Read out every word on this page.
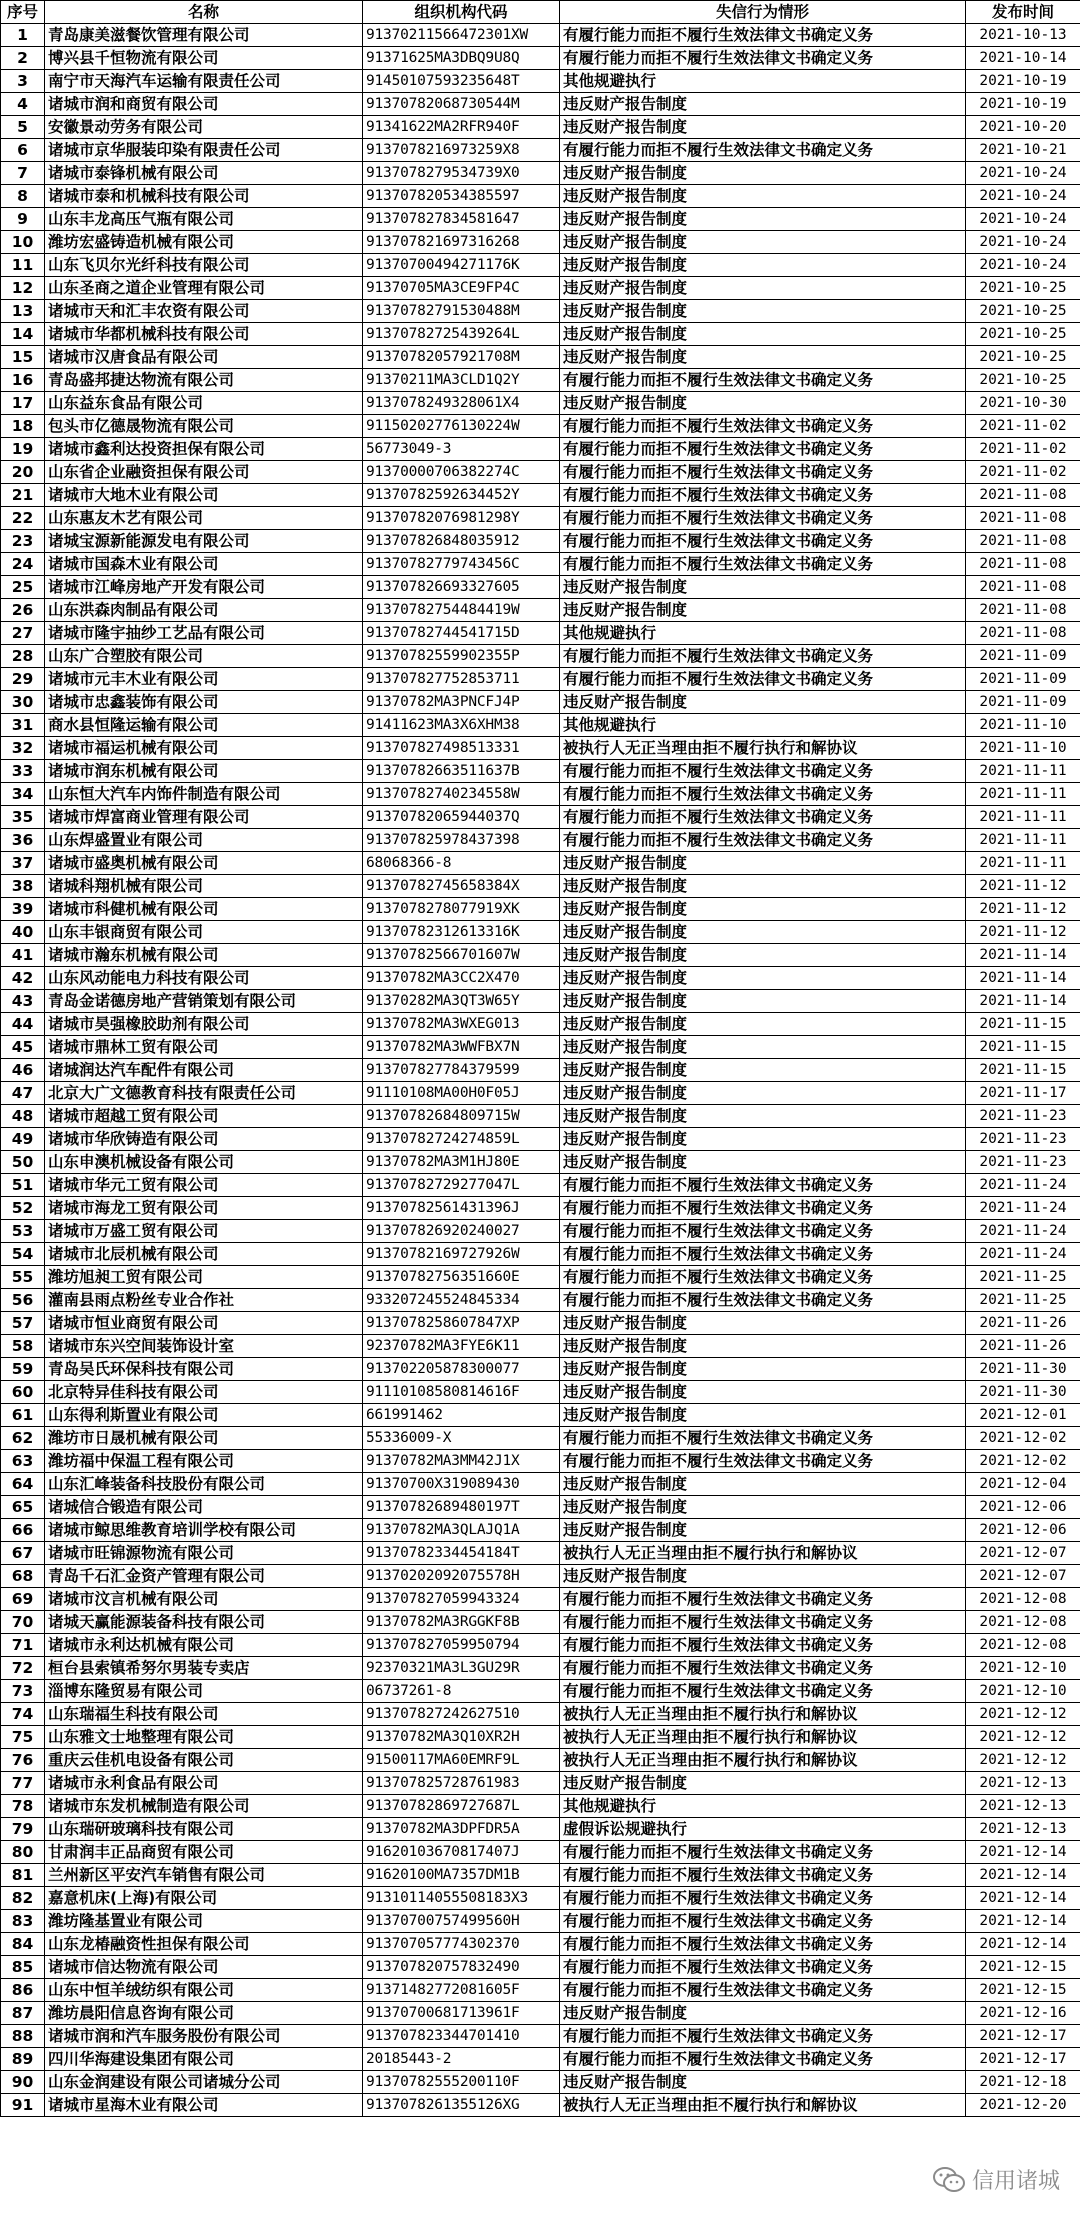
序号	名称	组织机构代码	失信行为情形	发布时间
1	青岛康美滋餐饮管理有限公司	91370211566472301XW	有履行能力而拒不履行生效法律文书确定义务	2021-10-13
2	博兴县千恒物流有限公司	91371625MA3DBQ9U8Q	有履行能力而拒不履行生效法律文书确定义务	2021-10-14
3	南宁市天海汽车运输有限责任公司	91450107593235648T	其他规避执行	2021-10-19
4	诸城市润和商贸有限公司	91370782068730544M	违反财产报告制度	2021-10-19
5	安徽景动劳务有限公司	91341622MA2RFR940F	违反财产报告制度	2021-10-20
6	诸城市京华服装印染有限责任公司	9137078216973259X8	有履行能力而拒不履行生效法律文书确定义务	2021-10-21
7	诸城市泰锋机械有限公司	9137078279534739X0	违反财产报告制度	2021-10-24
8	诸城市泰和机械科技有限公司	913707820534385597	违反财产报告制度	2021-10-24
9	山东丰龙高压气瓶有限公司	913707827834581647	违反财产报告制度	2021-10-24
10	潍坊宏盛铸造机械有限公司	913707821697316268	违反财产报告制度	2021-10-24
11	山东飞贝尔光纤科技有限公司	91370700494271176K	违反财产报告制度	2021-10-24
12	山东圣商之道企业管理有限公司	91370705MA3CE9FP4C	违反财产报告制度	2021-10-25
13	诸城市天和汇丰农资有限公司	91370782791530488M	违反财产报告制度	2021-10-25
14	诸城市华都机械科技有限公司	91370782725439264L	违反财产报告制度	2021-10-25
15	诸城市汉唐食品有限公司	91370782057921708M	违反财产报告制度	2021-10-25
16	青岛盛邦捷达物流有限公司	91370211MA3CLD1Q2Y	有履行能力而拒不履行生效法律文书确定义务	2021-10-25
17	山东益东食品有限公司	9137078249328061X4	违反财产报告制度	2021-10-30
18	包头市亿德晟物流有限公司	91150202776130224W	有履行能力而拒不履行生效法律文书确定义务	2021-11-02
19	诸城市鑫利达投资担保有限公司	56773049-3	有履行能力而拒不履行生效法律文书确定义务	2021-11-02
20	山东省企业融资担保有限公司	91370000706382274C	有履行能力而拒不履行生效法律文书确定义务	2021-11-02
21	诸城市大地木业有限公司	91370782592634452Y	有履行能力而拒不履行生效法律文书确定义务	2021-11-08
22	山东惠友木艺有限公司	91370782076981298Y	有履行能力而拒不履行生效法律文书确定义务	2021-11-08
23	诸城宝源新能源发电有限公司	913707826848035912	有履行能力而拒不履行生效法律文书确定义务	2021-11-08
24	诸城市国森木业有限公司	91370782779743456C	有履行能力而拒不履行生效法律文书确定义务	2021-11-08
25	诸城市江峰房地产开发有限公司	913707826693327605	违反财产报告制度	2021-11-08
26	山东洪森肉制品有限公司	91370782754484419W	违反财产报告制度	2021-11-08
27	诸城市隆宇抽纱工艺品有限公司	91370782744541715D	其他规避执行	2021-11-08
28	山东广合塑胶有限公司	91370782559902355P	有履行能力而拒不履行生效法律文书确定义务	2021-11-09
29	诸城市元丰木业有限公司	913707827752853711	有履行能力而拒不履行生效法律文书确定义务	2021-11-09
30	诸城市忠鑫装饰有限公司	91370782MA3PNCFJ4P	违反财产报告制度	2021-11-09
31	商水县恒隆运输有限公司	91411623MA3X6XHM38	其他规避执行	2021-11-10
32	诸城市福运机械有限公司	913707827498513331	被执行人无正当理由拒不履行执行和解协议	2021-11-10
33	诸城市润东机械有限公司	91370782663511637B	有履行能力而拒不履行生效法律文书确定义务	2021-11-11
34	山东恒大汽车内饰件制造有限公司	91370782740234558W	有履行能力而拒不履行生效法律文书确定义务	2021-11-11
35	诸城市焊富商业管理有限公司	91370782065944037Q	有履行能力而拒不履行生效法律文书确定义务	2021-11-11
36	山东焊盛置业有限公司	913707825978437398	有履行能力而拒不履行生效法律文书确定义务	2021-11-11
37	诸城市盛奥机械有限公司	68068366-8	违反财产报告制度	2021-11-11
38	诸城科翔机械有限公司	91370782745658384X	违反财产报告制度	2021-11-12
39	诸城市科健机械有限公司	9137078278077919XK	违反财产报告制度	2021-11-12
40	山东丰银商贸有限公司	91370782312613316K	违反财产报告制度	2021-11-12
41	诸城市瀚东机械有限公司	91370782566701607W	违反财产报告制度	2021-11-14
42	山东风动能电力科技有限公司	91370782MA3CC2X470	违反财产报告制度	2021-11-14
43	青岛金诺德房地产营销策划有限公司	91370282MA3QT3W65Y	违反财产报告制度	2021-11-14
44	诸城市昊强橡胶助剂有限公司	91370782MA3WXEG013	违反财产报告制度	2021-11-15
45	诸城市鼎林工贸有限公司	91370782MA3WWFBX7N	违反财产报告制度	2021-11-15
46	诸城润达汽车配件有限公司	913707827784379599	违反财产报告制度	2021-11-15
47	北京大广文德教育科技有限责任公司	91110108MA00H0F05J	违反财产报告制度	2021-11-17
48	诸城市超越工贸有限公司	91370782684809715W	违反财产报告制度	2021-11-23
49	诸城市华欣铸造有限公司	91370782724274859L	违反财产报告制度	2021-11-23
50	山东申澳机械设备有限公司	91370782MA3M1HJ80E	违反财产报告制度	2021-11-23
51	诸城市华元工贸有限公司	91370782729277047L	有履行能力而拒不履行生效法律文书确定义务	2021-11-24
52	诸城市海龙工贸有限公司	91370782561431396J	有履行能力而拒不履行生效法律文书确定义务	2021-11-24
53	诸城市万盛工贸有限公司	913707826920240027	有履行能力而拒不履行生效法律文书确定义务	2021-11-24
54	诸城市北辰机械有限公司	91370782169727926W	有履行能力而拒不履行生效法律文书确定义务	2021-11-24
55	潍坊旭昶工贸有限公司	91370782756351660E	有履行能力而拒不履行生效法律文书确定义务	2021-11-25
56	灌南县雨点粉丝专业合作社	933207245524845334	有履行能力而拒不履行生效法律文书确定义务	2021-11-25
57	诸城市恒业商贸有限公司	9137078258607847XP	违反财产报告制度	2021-11-26
58	诸城市东兴空间装饰设计室	92370782MA3FYE6K11	违反财产报告制度	2021-11-26
59	青岛吴氏环保科技有限公司	913702205878300077	违反财产报告制度	2021-11-30
60	北京特异佳科技有限公司	91110108580814616F	违反财产报告制度	2021-11-30
61	山东得利斯置业有限公司	661991462	违反财产报告制度	2021-12-01
62	潍坊市日晟机械有限公司	55336009-X	有履行能力而拒不履行生效法律文书确定义务	2021-12-02
63	潍坊福中保温工程有限公司	91370782MA3MM42J1X	有履行能力而拒不履行生效法律文书确定义务	2021-12-02
64	山东汇峰装备科技股份有限公司	91370700X319089430	违反财产报告制度	2021-12-04
65	诸城信合锻造有限公司	91370782689480197T	违反财产报告制度	2021-12-06
66	诸城市鲸思维教育培训学校有限公司	91370782MA3QLAJQ1A	违反财产报告制度	2021-12-06
67	诸城市旺锦源物流有限公司	91370782334454184T	被执行人无正当理由拒不履行执行和解协议	2021-12-07
68	青岛千石汇金资产管理有限公司	91370202092075578H	违反财产报告制度	2021-12-07
69	诸城市汶言机械有限公司	913707827059943324	有履行能力而拒不履行生效法律文书确定义务	2021-12-08
70	诸城天赢能源装备科技有限公司	91370782MA3RGGKF8B	有履行能力而拒不履行生效法律文书确定义务	2021-12-08
71	诸城市永利达机械有限公司	913707827059950794	有履行能力而拒不履行生效法律文书确定义务	2021-12-08
72	桓台县索镇希努尔男装专卖店	92370321MA3L3GU29R	有履行能力而拒不履行生效法律文书确定义务	2021-12-10
73	淄博东隆贸易有限公司	06737261-8	有履行能力而拒不履行生效法律文书确定义务	2021-12-10
74	山东瑞福生科技有限公司	913707827242627510	被执行人无正当理由拒不履行执行和解协议	2021-12-12
75	山东雅文士地整理有限公司	91370782MA3Q10XR2H	被执行人无正当理由拒不履行执行和解协议	2021-12-12
76	重庆云佳机电设备有限公司	91500117MA60EMRF9L	被执行人无正当理由拒不履行执行和解协议	2021-12-12
77	诸城市永利食品有限公司	913707825728761983	违反财产报告制度	2021-12-13
78	诸城市东发机械制造有限公司	91370782869727687L	其他规避执行	2021-12-13
79	山东瑞研玻璃科技有限公司	91370782MA3DPFDR5A	虚假诉讼规避执行	2021-12-13
80	甘肃润丰正品商贸有限公司	91620103670817407J	有履行能力而拒不履行生效法律文书确定义务	2021-12-14
81	兰州新区平安汽车销售有限公司	91620100MA7357DM1B	有履行能力而拒不履行生效法律文书确定义务	2021-12-14
82	嘉意机床(上海)有限公司	91310114055508183X3	有履行能力而拒不履行生效法律文书确定义务	2021-12-14
83	潍坊隆基置业有限公司	91370700757499560H	有履行能力而拒不履行生效法律文书确定义务	2021-12-14
84	山东龙椿融资性担保有限公司	913707057774302370	有履行能力而拒不履行生效法律文书确定义务	2021-12-14
85	诸城市信达物流有限公司	913707820757832490	有履行能力而拒不履行生效法律文书确定义务	2021-12-15
86	山东中恒羊绒纺织有限公司	91371482772081605F	有履行能力而拒不履行生效法律文书确定义务	2021-12-15
87	潍坊晨阳信息咨询有限公司	91370700681713961F	违反财产报告制度	2021-12-16
88	诸城市润和汽车服务股份有限公司	913707823344701410	有履行能力而拒不履行生效法律文书确定义务	2021-12-17
89	四川华海建设集团有限公司	20185443-2	有履行能力而拒不履行生效法律文书确定义务	2021-12-17
90	山东金润建设有限公司诸城分公司	91370782555200110F	违反财产报告制度	2021-12-18
91	诸城市星海木业有限公司	9137078261355126XG	被执行人无正当理由拒不履行执行和解协议	2021-12-20
信用诸城
